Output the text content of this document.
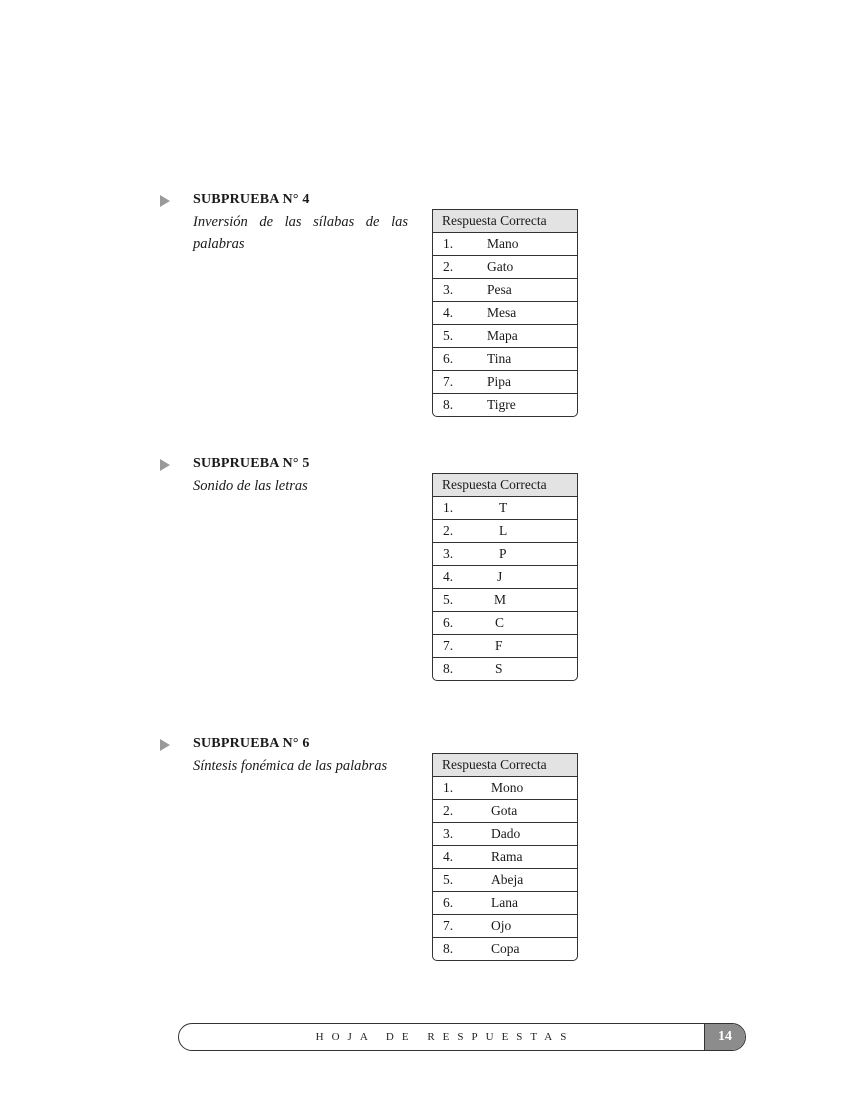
SUBPRUEBA N° 4
Inversión de las sílabas de las palabras
Respuesta Correcta
1.	Mano
2.	Gato
3.	Pesa
4.	Mesa
5.	Mapa
6.	Tina
7.	Pipa
8.	Tigre
SUBPRUEBA N° 5
Sonido de las letras	Respuesta Correcta
1.	T
2.	L
3.	P
4.	J
5.	M
6.	C
7.	F
8.	S
SUBPRUEBA N° 6
Síntesis fonémica de las palabras	Respuesta Correcta
1.	Mono
2.	Gota
3.	Dado
4.	Rama
5.	Abeja
6.	Lana
7.	Ojo
8.	Copa
HOJA DE RESPUESTAS	14
